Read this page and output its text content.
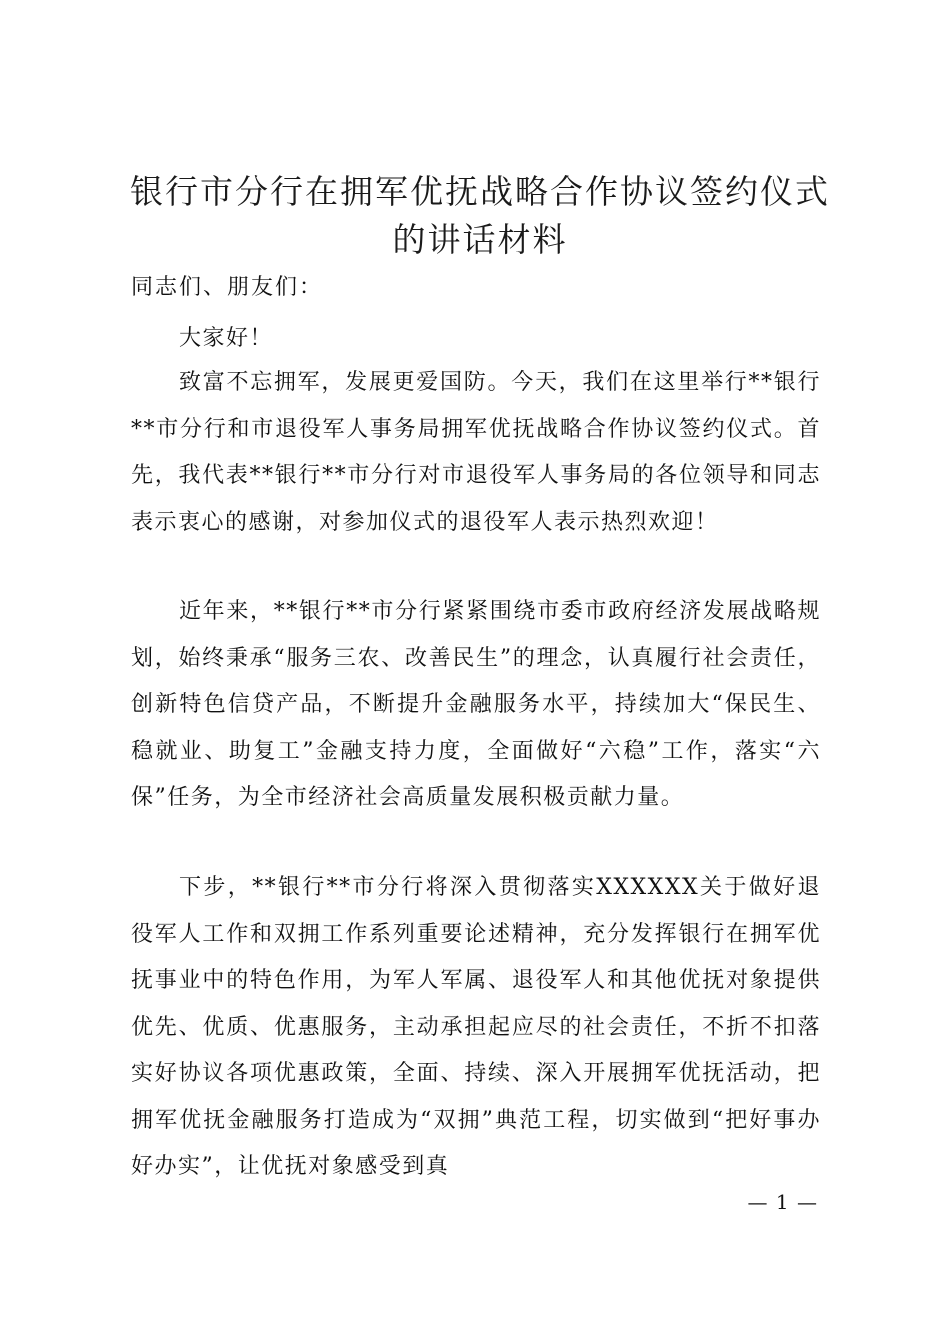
银行市分行在拥军优抚战略合作协议签约仪式
的讲话材料
同志们、朋友们：
大家好！
致富不忘拥军，发展更爱国防。今天，我们在这里举行**银行**市分行和市退役军人事务局拥军优抚战略合作协议签约仪式。首先，我代表**银行**市分行对市退役军人事务局的各位领导和同志表示衷心的感谢，对参加仪式的退役军人表示热烈欢迎！
近年来，**银行**市分行紧紧围绕市委市政府经济发展战略规划，始终秉承“服务三农、改善民生”的理念，认真履行社会责任，创新特色信贷产品，不断提升金融服务水平，持续加大“保民生、稳就业、助复工”金融支持力度，全面做好“六稳”工作，落实“六保”任务，为全市经济社会高质量发展积极贡献力量。
下步，**银行**市分行将深入贯彻落实XXXXXX关于做好退役军人工作和双拥工作系列重要论述精神，充分发挥银行在拥军优抚事业中的特色作用，为军人军属、退役军人和其他优抚对象提供优先、优质、优惠服务，主动承担起应尽的社会责任，不折不扣落实好协议各项优惠政策，全面、持续、深入开展拥军优抚活动，把拥军优抚金融服务打造成为“双拥”典范工程，切实做到“把好事办好办实”，让优抚对象感受到真
— 1 —
